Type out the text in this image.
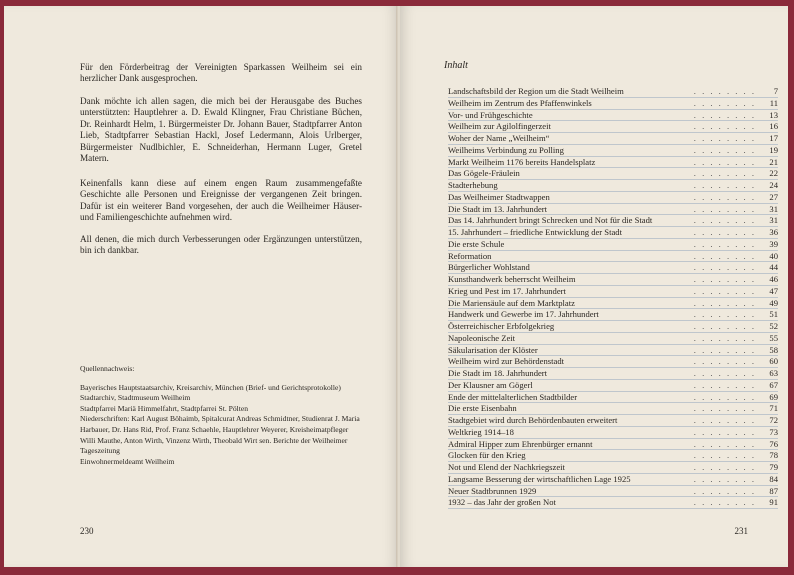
Für den Förderbeitrag der Vereinigten Sparkassen Weilheim sei ein herzlicher Dank ausgesprochen.

Dank möchte ich allen sagen, die mich bei der Herausgabe des Buches unterstützten: Hauptlehrer a. D. Ewald Klingner, Frau Christiane Büchen, Dr. Reinhardt Helm, 1. Bürgermeister Dr. Johann Bauer, Stadtpfarrer Anton Lieb, Stadtpfarrer Sebastian Hackl, Josef Ledermann, Alois Urlberger, Bürgermeister Nudlbichler, E. Schneiderhan, Hermann Luger, Gretel Matern.

Keinenfalls kann diese auf einem engen Raum zusammengefaßte Geschichte alle Personen und Ereignisse der vergangenen Zeit bringen. Dafür ist ein weiterer Band vorgesehen, der auch die Weilheimer Häuser- und Familiengeschichte aufnehmen wird.

All denen, die mich durch Verbesserungen oder Ergänzungen unterstützen, bin ich dankbar.

Quellennachweis:
Bayerisches Hauptstaatsarchiv, Kreisarchiv, München (Brief- und Gerichtsprotokolle)
Stadtarchiv, Stadtmuseum Weilheim
Stadtpfarrei Mariä Himmelfahrt, Stadtpfarrei St. Pölten
Niederschriften: Karl August Böhaimb, Spitalcurat Andreas Schmidtner, Studienrat J. Maria Harbauer, Dr. Hans Rid, Prof. Franz Schaehle, Hauptlehrer Weyerer, Kreisheimatpfleger Willi Mauthe, Anton Wirth, Vinzenz Wirth, Theobald Wirt sen. Berichte der Weilheimer Tageszeitung
Einwohnermeldeamt Weilheim
230
Inhalt
Landschaftsbild der Region um die Stadt Weilheim	. . . . . . . .	7
Weilheim im Zentrum des Pfaffenwinkels	. . . . . . . .	11
Vor- und Frühgeschichte	. . . . . . . .	13
Weilheim zur Agilolfingerzeit	. . . . . . . .	16
Woher der Name „Weilheim“	. . . . . . . .	17
Weilheims Verbindung zu Polling	. . . . . . . .	19
Markt Weilheim 1176 bereits Handelsplatz	. . . . . . . .	21
Das Gögele-Fräulein	. . . . . . . .	22
Stadterhebung	. . . . . . . .	24
Das Weilheimer Stadtwappen	. . . . . . . .	27
Die Stadt im 13. Jahrhundert	. . . . . . . .	31
Das 14. Jahrhundert bringt Schrecken und Not für die Stadt	. . . . . . . .	31
15. Jahrhundert – friedliche Entwicklung der Stadt	. . . . . . . .	36
Die erste Schule	. . . . . . . .	39
Reformation	. . . . . . . .	40
Bürgerlicher Wohlstand	. . . . . . . .	44
Kunsthandwerk beherrscht Weilheim	. . . . . . . .	46
Krieg und Pest im 17. Jahrhundert	. . . . . . . .	47
Die Mariensäule auf dem Marktplatz	. . . . . . . .	49
Handwerk und Gewerbe im 17. Jahrhundert	. . . . . . . .	51
Österreichischer Erbfolgekrieg	. . . . . . . .	52
Napoleonische Zeit	. . . . . . . .	55
Säkularisation der Klöster	. . . . . . . .	58
Weilheim wird zur Behördenstadt	. . . . . . . .	60
Die Stadt im 18. Jahrhundert	. . . . . . . .	63
Der Klausner am Gögerl	. . . . . . . .	67
Ende der mittelalterlichen Stadtbilder	. . . . . . . .	69
Die erste Eisenbahn	. . . . . . . .	71
Stadtgebiet wird durch Behördenbauten erweitert	. . . . . . . .	72
Weltkrieg 1914–18	. . . . . . . .	73
Admiral Hipper zum Ehrenbürger ernannt	. . . . . . . .	76
Glocken für den Krieg	. . . . . . . .	78
Not und Elend der Nachkriegszeit	. . . . . . . .	79
Langsame Besserung der wirtschaftlichen Lage 1925	. . . . . . . .	84
Neuer Stadtbrunnen 1929	. . . . . . . .	87
1932 – das Jahr der großen Not	. . . . . . . .	91
231
